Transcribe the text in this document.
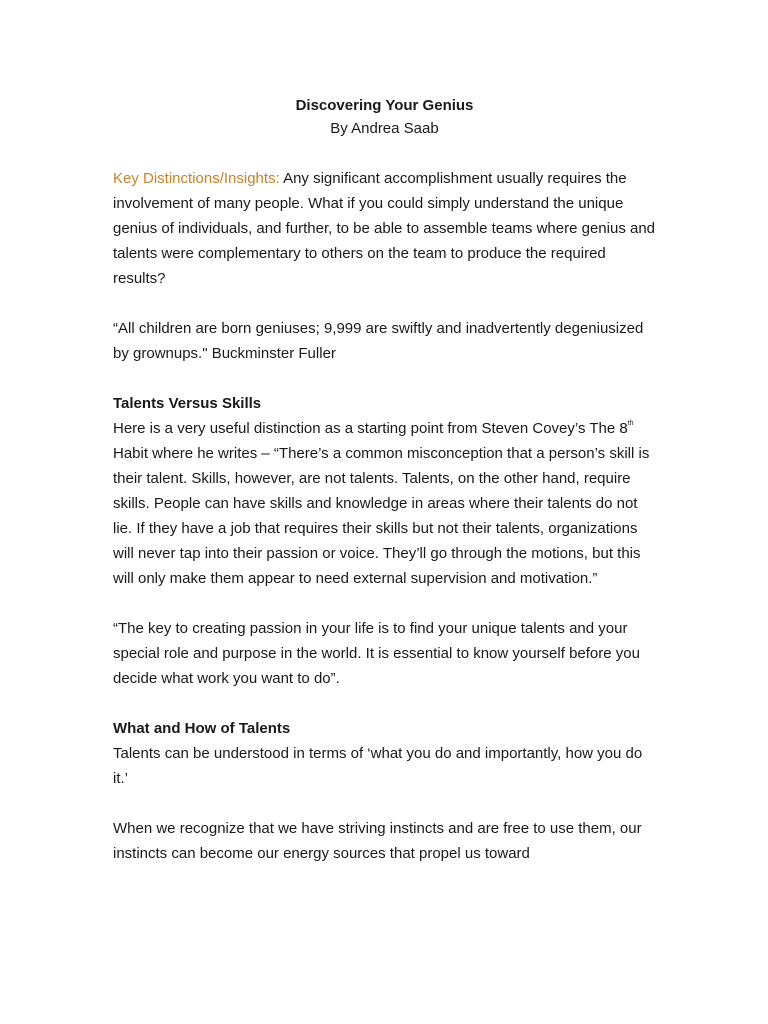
Discovering Your Genius
By Andrea Saab

Key Distinctions/Insights: Any significant accomplishment usually requires the involvement of many people. What if you could simply understand the unique genius of individuals, and further, to be able to assemble teams where genius and talents were complementary to others on the team to produce the required results?

“All children are born geniuses; 9,999 are swiftly and inadvertently degeniusized by grownups." Buckminster Fuller

Talents Versus Skills

Here is a very useful distinction as a starting point from Steven Covey’s The 8th Habit where he writes – “There’s a common misconception that a person’s skill is their talent. Skills, however, are not talents. Talents, on the other hand, require skills. People can have skills and knowledge in areas where their talents do not lie. If they have a job that requires their skills but not their talents, organizations will never tap into their passion or voice. They’ll go through the motions, but this will only make them appear to need external supervision and motivation.”

“The key to creating passion in your life is to find your unique talents and your special role and purpose in the world. It is essential to know yourself before you decide what work you want to do”.

What and How of Talents

Talents can be understood in terms of ‘what you do and importantly, how you do it.’

When we recognize that we have striving instincts and are free to use them, our instincts can become our energy sources that propel us toward
